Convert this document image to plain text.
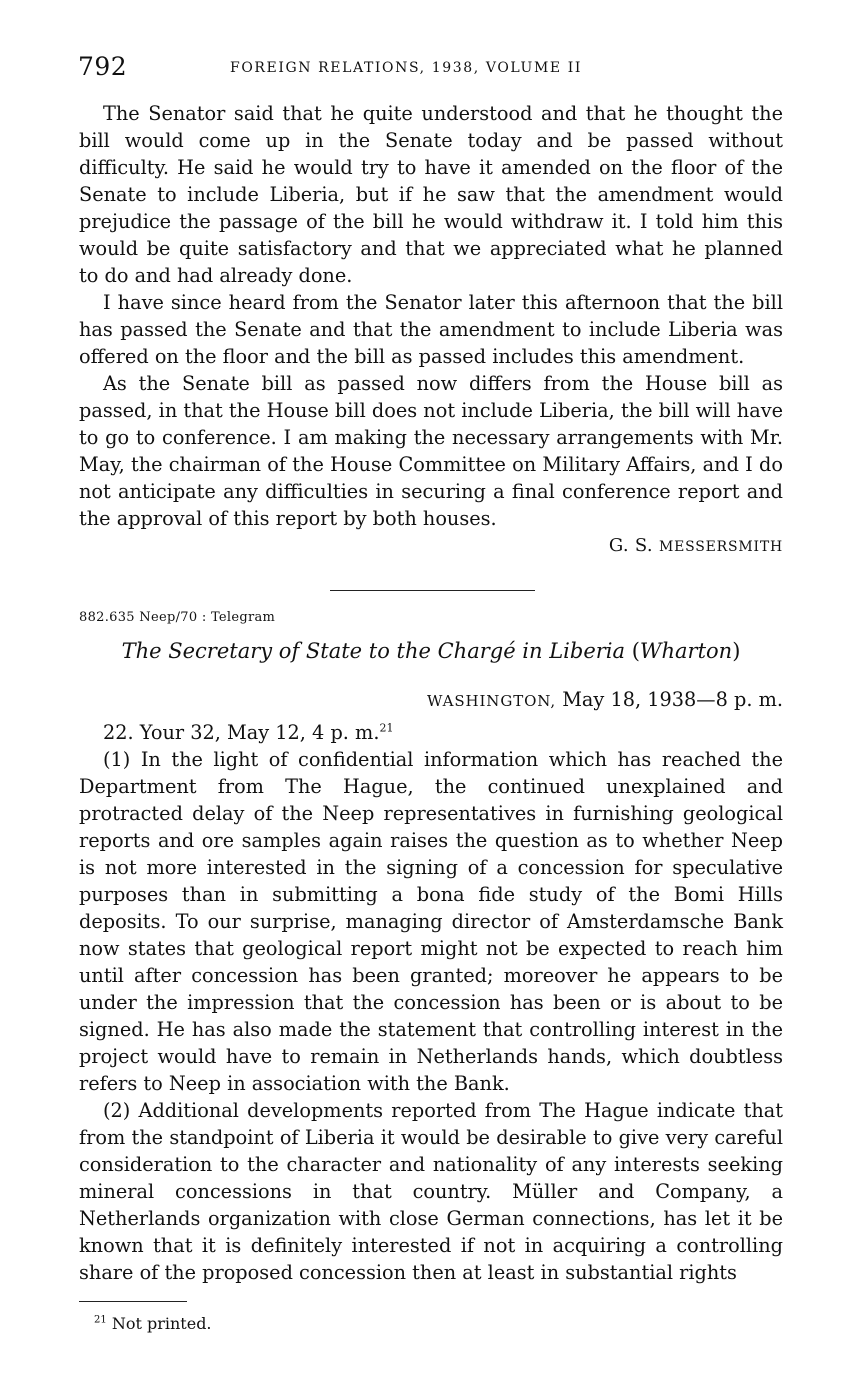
792	FOREIGN RELATIONS, 1938, VOLUME II

The Senator said that he quite understood and that he thought the bill would come up in the Senate today and be passed without difficulty. He said he would try to have it amended on the floor of the Senate to include Liberia, but if he saw that the amendment would prejudice the passage of the bill he would withdraw it. I told him this would be quite satisfactory and that we appreciated what he planned to do and had already done.

I have since heard from the Senator later this afternoon that the bill has passed the Senate and that the amendment to include Liberia was offered on the floor and the bill as passed includes this amendment.

As the Senate bill as passed now differs from the House bill as passed, in that the House bill does not include Liberia, the bill will have to go to conference. I am making the necessary arrangements with Mr. May, the chairman of the House Committee on Military Affairs, and I do not anticipate any difficulties in securing a final conference report and the approval of this report by both houses.

G. S. MESSERSMITH

882.635 Neep/70 : Telegram
The Secretary of State to the Chargé in Liberia (Wharton)
WASHINGTON, May 18, 1938—8 p. m.

22. Your 32, May 12, 4 p. m.$^{21}$

(1) In the light of confidential information which has reached the Department from The Hague, the continued unexplained and protracted delay of the Neep representatives in furnishing geological reports and ore samples again raises the question as to whether Neep is not more interested in the signing of a concession for speculative purposes than in submitting a bona fide study of the Bomi Hills deposits. To our surprise, managing director of Amsterdamsche Bank now states that geological report might not be expected to reach him until after concession has been granted; moreover he appears to be under the impression that the concession has been or is about to be signed. He has also made the statement that controlling interest in the project would have to remain in Netherlands hands, which doubtless refers to Neep in association with the Bank.

(2) Additional developments reported from The Hague indicate that from the standpoint of Liberia it would be desirable to give very careful consideration to the character and nationality of any interests seeking mineral concessions in that country. Müller and Company, a Netherlands organization with close German connections, has let it be known that it is definitely interested if not in acquiring a controlling share of the proposed concession then at least in substantial rights

$^{21}$ Not printed.
